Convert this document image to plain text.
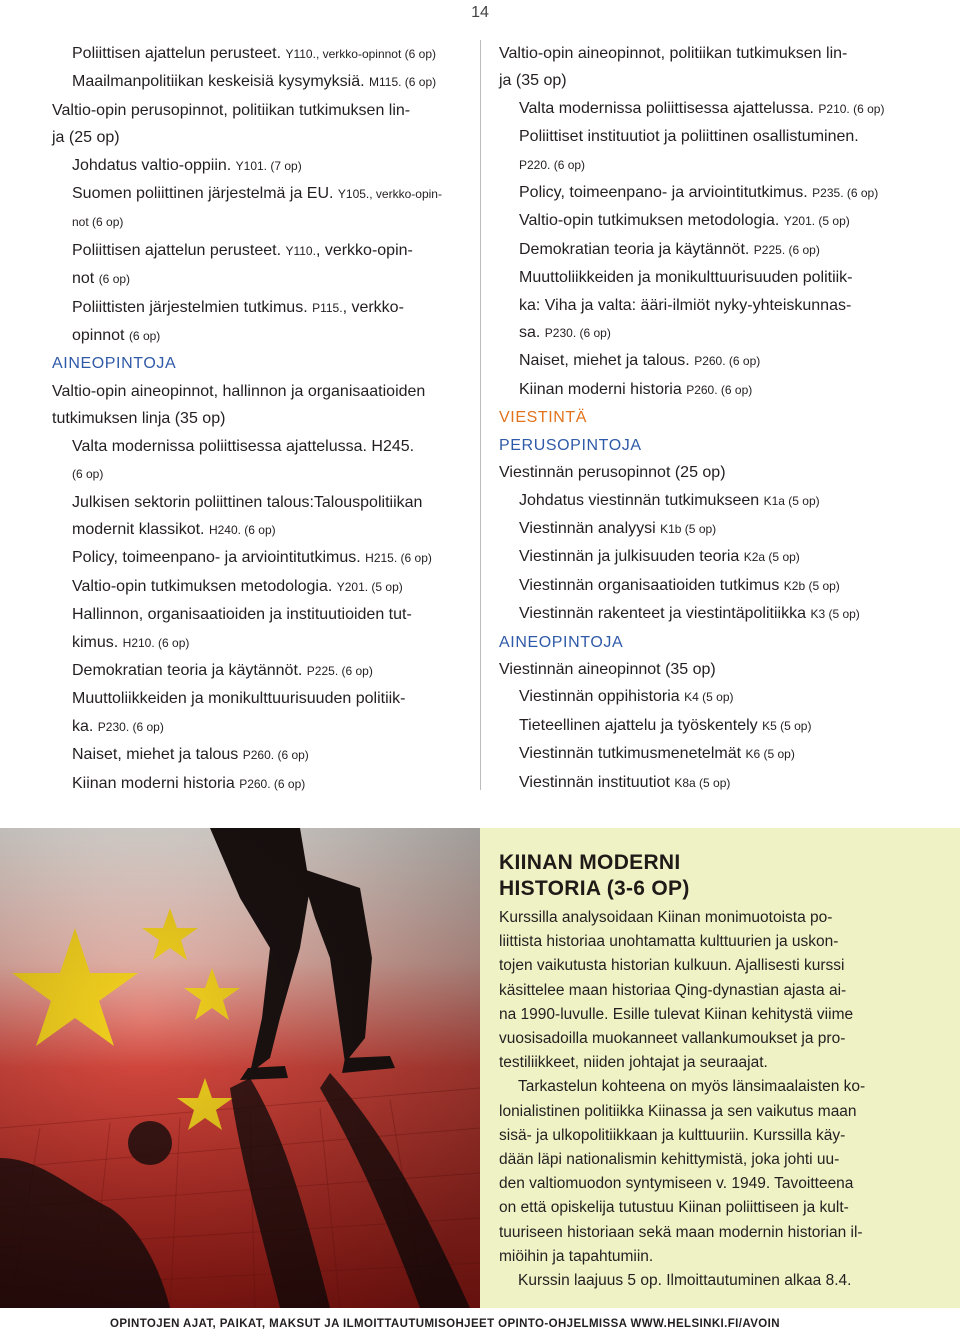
14
Poliittisen ajattelun perusteet. Y110., verkko-opinnot (6 op)
Maailmanpolitiikan keskeisiä kysymyksiä. M115. (6 op)
Valtio-opin perusopinnot, politiikan tutkimuksen lin-
ja (25 op)
Johdatus valtio-oppiin. Y101. (7 op)
Suomen poliittinen järjestelmä ja EU. Y105., verkko-opin-
not (6 op)
Poliittisen ajattelun perusteet. Y110., verkko-opin-
not (6 op)
Poliittisten järjestelmien tutkimus. P115., verkko-
opinnot (6 op)
AINEOPINTOJA
Valtio-opin aineopinnot, hallinnon ja organisaatioiden
tutkimuksen linja (35 op)
Valta modernissa poliittisessa ajattelussa. H245.
(6 op)
Julkisen sektorin poliittinen talous:Talouspolitiikan
modernit klassikot. H240. (6 op)
Policy, toimeenpano- ja arviointitutkimus. H215. (6 op)
Valtio-opin tutkimuksen metodologia. Y201. (5 op)
Hallinnon, organisaatioiden ja instituutioiden tut-
kimus. H210. (6 op)
Demokratian teoria ja käytännöt. P225. (6 op)
Muuttoliikkeiden ja monikulttuurisuuden politiik-
ka. P230. (6 op)
Naiset, miehet ja talous P260. (6 op)
Kiinan moderni historia P260. (6 op)
Valtio-opin aineopinnot, politiikan tutkimuksen lin-
ja (35 op)
Valta modernissa poliittisessa ajattelussa. P210. (6 op)
Poliittiset instituutiot ja poliittinen osallistuminen.
P220. (6 op)
Policy, toimeenpano- ja arviointitutkimus. P235. (6 op)
Valtio-opin tutkimuksen metodologia. Y201. (5 op)
Demokratian teoria ja käytännöt. P225. (6 op)
Muuttoliikkeiden ja monikulttuurisuuden politiik-
ka: Viha ja valta: ääri-ilmiöt nyky-yhteiskunnas-
sa. P230. (6 op)
Naiset, miehet ja talous. P260. (6 op)
Kiinan moderni historia P260. (6 op)
VIESTINTÄ
PERUSOPINTOJA
Viestinnän perusopinnot (25 op)
Johdatus viestinnän tutkimukseen K1a (5 op)
Viestinnän analyysi K1b (5 op)
Viestinnän ja julkisuuden teoria K2a (5 op)
Viestinnän organisaatioiden tutkimus K2b (5 op)
Viestinnän rakenteet ja viestintäpolitiikka K3 (5 op)
AINEOPINTOJA
Viestinnän aineopinnot (35 op)
Viestinnän oppihistoria K4 (5 op)
Tieteellinen ajattelu ja työskentely K5 (5 op)
Viestinnän tutkimusmenetelmät K6 (5 op)
Viestinnän instituutiot K8a (5 op)
KIINAN MODERNI
HISTORIA (3-6 OP)
Kurssilla analysoidaan Kiinan monimuotoista po-
liittista historiaa unohtamatta kulttuurien ja uskon-
tojen vaikutusta historian kulkuun. Ajallisesti kurssi
käsittelee maan historiaa Qing-dynastian ajasta ai-
na 1990-luvulle. Esille tulevat Kiinan kehitystä viime
vuosisadoilla muokanneet vallankumoukset ja pro-
testiliikkeet, niiden johtajat ja seuraajat.
Tarkastelun kohteena on myös länsimaalaisten ko-
lonialistinen politiikka Kiinassa ja sen vaikutus maan
sisä- ja ulkopolitiikkaan ja kulttuuriin. Kurssilla käy-
dään läpi nationalismin kehittymistä, joka johti uu-
den valtiomuodon syntymiseen v. 1949. Tavoitteena
on että opiskelija tutustuu Kiinan poliittiseen ja kult-
tuuriseen historiaan sekä maan modernin historian il-
miöihin ja tapahtumiin.
Kurssin laajuus 5 op. Ilmoittautuminen alkaa 8.4.
OPINTOJEN AJAT, PAIKAT, MAKSUT JA ILMOITTAUTUMISOHJEET OPINTO-OHJELMISSA WWW.HELSINKI.FI/AVOIN
